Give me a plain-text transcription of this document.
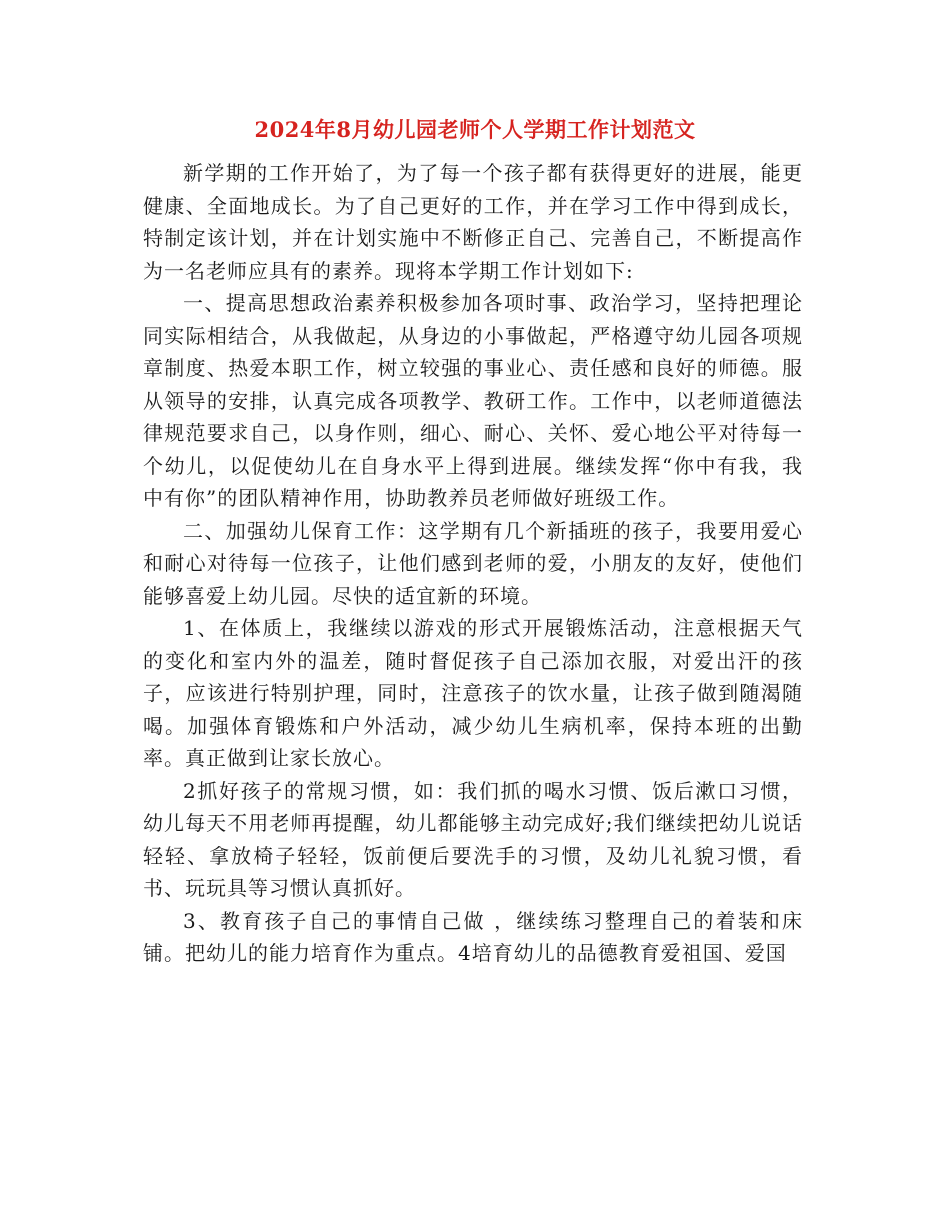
2024年8月幼儿园老师个人学期工作计划范文

新学期的工作开始了，为了每一个孩子都有获得更好的进展，能更健康、全面地成长。为了自己更好的工作，并在学习工作中得到成长，特制定该计划，并在计划实施中不断修正自己、完善自己，不断提高作为一名老师应具有的素养。现将本学期工作计划如下:

一、提高思想政治素养积极参加各项时事、政治学习，坚持把理论同实际相结合，从我做起，从身边的小事做起，严格遵守幼儿园各项规章制度、热爱本职工作，树立较强的事业心、责任感和良好的师德。服从领导的安排，认真完成各项教学、教研工作。工作中，以老师道德法律规范要求自己，以身作则，细心、耐心、关怀、爱心地公平对待每一个幼儿，以促使幼儿在自身水平上得到进展。继续发挥“你中有我，我中有你”的团队精神作用，协助教养员老师做好班级工作。

二、加强幼儿保育工作：这学期有几个新插班的孩子，我要用爱心和耐心对待每一位孩子，让他们感到老师的爱，小朋友的友好，使他们能够喜爱上幼儿园。尽快的适宜新的环境。

1、在体质上，我继续以游戏的形式开展锻炼活动，注意根据天气的变化和室内外的温差，随时督促孩子自己添加衣服，对爱出汗的孩子，应该进行特别护理，同时，注意孩子的饮水量，让孩子做到随渴随喝。加强体育锻炼和户外活动，减少幼儿生病机率，保持本班的出勤率。真正做到让家长放心。

2抓好孩子的常规习惯，如：我们抓的喝水习惯、饭后漱口习惯，幼儿每天不用老师再提醒，幼儿都能够主动完成好;我们继续把幼儿说话轻轻、拿放椅子轻轻，饭前便后要洗手的习惯，及幼儿礼貌习惯，看书、玩玩具等习惯认真抓好。

3、教育孩子自己的事情自己做 ，继续练习整理自己的着装和床铺。把幼儿的能力培育作为重点。4培育幼儿的品德教育爱祖国、爱国
